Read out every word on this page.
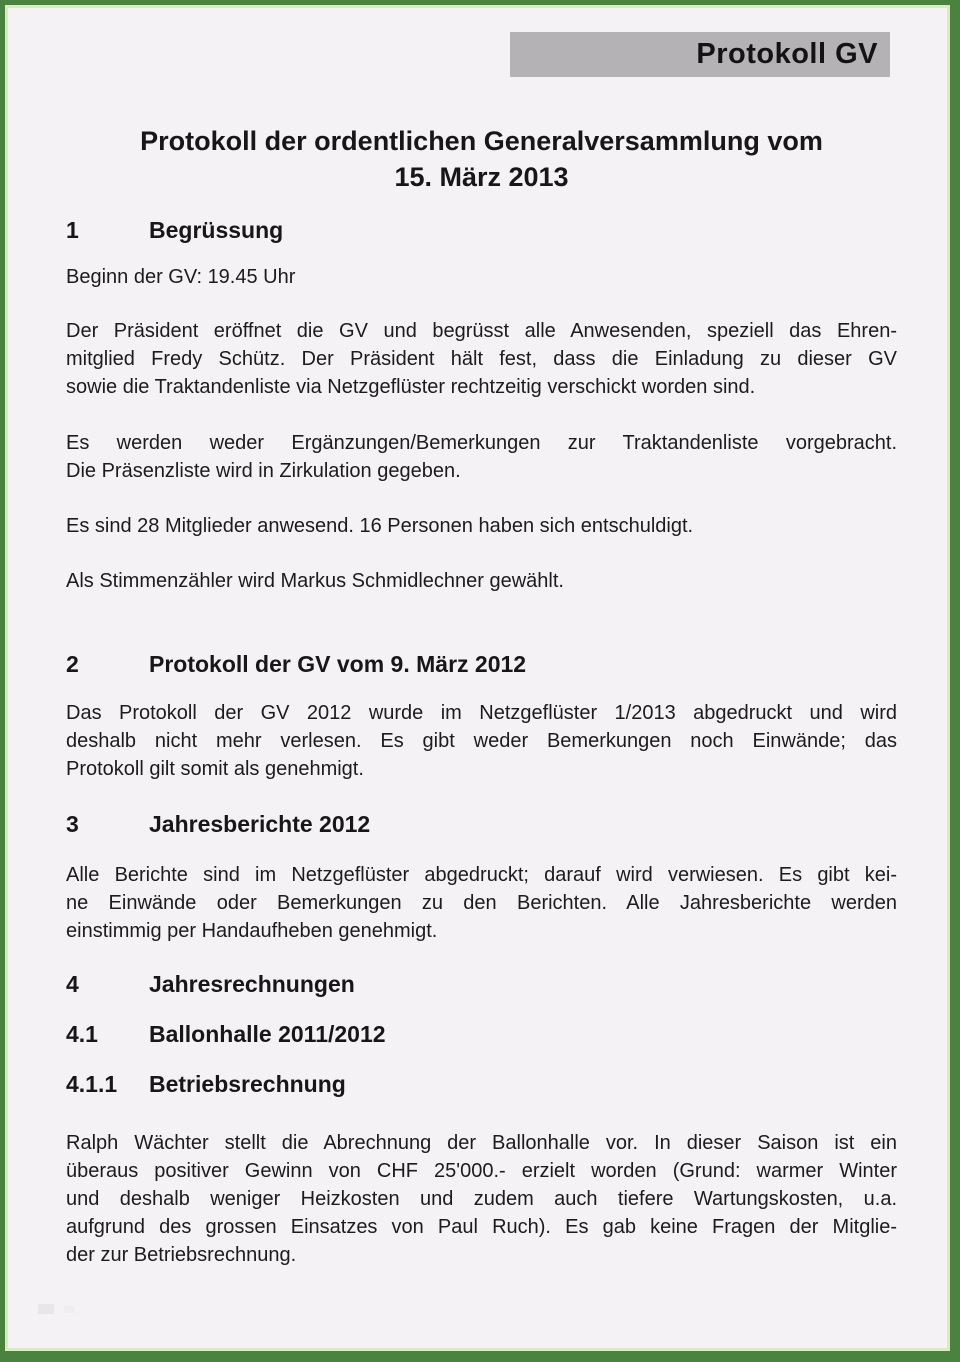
Protokoll GV
Protokoll der ordentlichen Generalversammlung vom
15. März 2013
1	Begrüssung
Beginn der GV: 19.45 Uhr
Der Präsident eröffnet die GV und begrüsst alle Anwesenden, speziell das Ehren-
mitglied Fredy Schütz. Der Präsident hält fest, dass die Einladung zu dieser GV
sowie die Traktandenliste via Netzgeflüster rechtzeitig verschickt worden sind.
Es werden weder Ergänzungen/Bemerkungen zur Traktandenliste vorgebracht.
Die Präsenzliste wird in Zirkulation gegeben.
Es sind 28 Mitglieder anwesend. 16 Personen haben sich entschuldigt.
Als Stimmenzähler wird Markus Schmidlechner gewählt.
2	Protokoll der GV vom 9. März 2012
Das Protokoll der GV 2012 wurde im Netzgeflüster 1/2013 abgedruckt und wird
deshalb nicht mehr verlesen. Es gibt weder Bemerkungen noch Einwände; das
Protokoll gilt somit als genehmigt.
3	Jahresberichte 2012
Alle Berichte sind im Netzgeflüster abgedruckt; darauf wird verwiesen. Es gibt kei-
ne Einwände oder Bemerkungen zu den Berichten. Alle Jahresberichte werden
einstimmig per Handaufheben genehmigt.
4	Jahresrechnungen
4.1	Ballonhalle 2011/2012
4.1.1	Betriebsrechnung
Ralph Wächter stellt die Abrechnung der Ballonhalle vor. In dieser Saison ist ein
überaus positiver Gewinn von CHF 25'000.- erzielt worden (Grund: warmer Winter
und deshalb weniger Heizkosten und zudem auch tiefere Wartungskosten, u.a.
aufgrund des grossen Einsatzes von Paul Ruch). Es gab keine Fragen der Mitglie-
der zur Betriebsrechnung.
